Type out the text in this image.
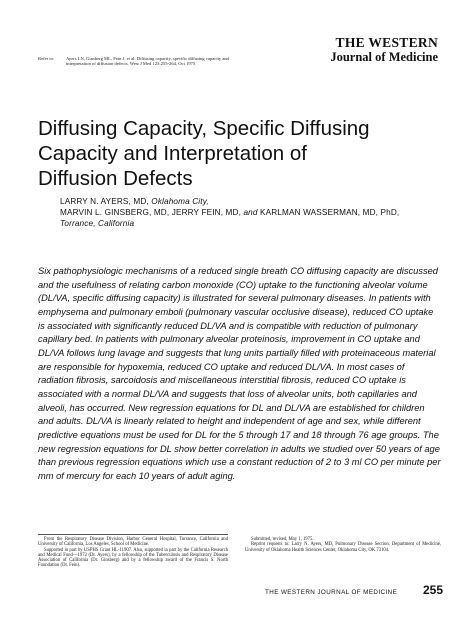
Refer to:	Ayers LN, Ginsberg ML, Fein J, et al: Diffusing capacity, specific diffusing capacity and interpretation of diffusion defects. West J Med 123:255-264, Oct 1975
THE WESTERN
Journal of Medicine
Diffusing Capacity, Specific Diffusing
Capacity and Interpretation of
Diffusion Defects
LARRY N. AYERS, MD, Oklahoma City,
MARVIN L. GINSBERG, MD, JERRY FEIN, MD, and KARLMAN WASSERMAN, MD, PhD,
Torrance, California

Six pathophysiologic mechanisms of a reduced single breath CO diffusing capacity are discussed and the usefulness of relating carbon monoxide (CO) uptake to the functioning alveolar volume (DL/VA, specific diffusing capacity) is illustrated for several pulmonary diseases. In patients with emphysema and pulmonary emboli (pulmonary vascular occlusive disease), reduced CO uptake is associated with significantly reduced DL/VA and is compatible with reduction of pulmonary capillary bed. In patients with pulmonary alveolar proteinosis, improvement in CO uptake and DL/VA follows lung lavage and suggests that lung units partially filled with proteinaceous material are responsible for hypoxemia, reduced CO uptake and reduced DL/VA. In most cases of radiation fibrosis, sarcoidosis and miscellaneous interstitial fibrosis, reduced CO uptake is associated with a normal DL/VA and suggests that loss of alveolar units, both capillaries and alveoli, has occurred. New regression equations for DL and DL/VA are established for children and adults. DL/VA is linearly related to height and independent of age and sex, while different predictive equations must be used for DL for the 5 through 17 and 18 through 76 age groups. The new regression equations for DL show better correlation in adults we studied over 50 years of age than previous regression equations which use a constant reduction of 2 to 3 ml CO per minute per mm of mercury for each 10 years of adult aging.

From the Respiratory Disease Division, Harbor General Hospital, Torrance, California and University of California, Los Angeles, School of Medicine.

Supported in part by USPHS Grant HL-11907. Also, supported in part by the California Research and Medical Fund—1972 (Dr. Ayers), by a fellowship of the Tuberculosis and Respiratory Disease Association of California (Dr. Ginsberg) and by a fellowship award of the Francis S. North Foundation (Dr. Fein).

Submitted, revised, May 1, 1975.

Reprint requests to: Larry N. Ayers, MD, Pulmonary Disease Section, Department of Medicine, University of Oklahoma Health Sciences Center, Oklahoma City, OK 73104.

THE WESTERN JOURNAL OF MEDICINE 255
